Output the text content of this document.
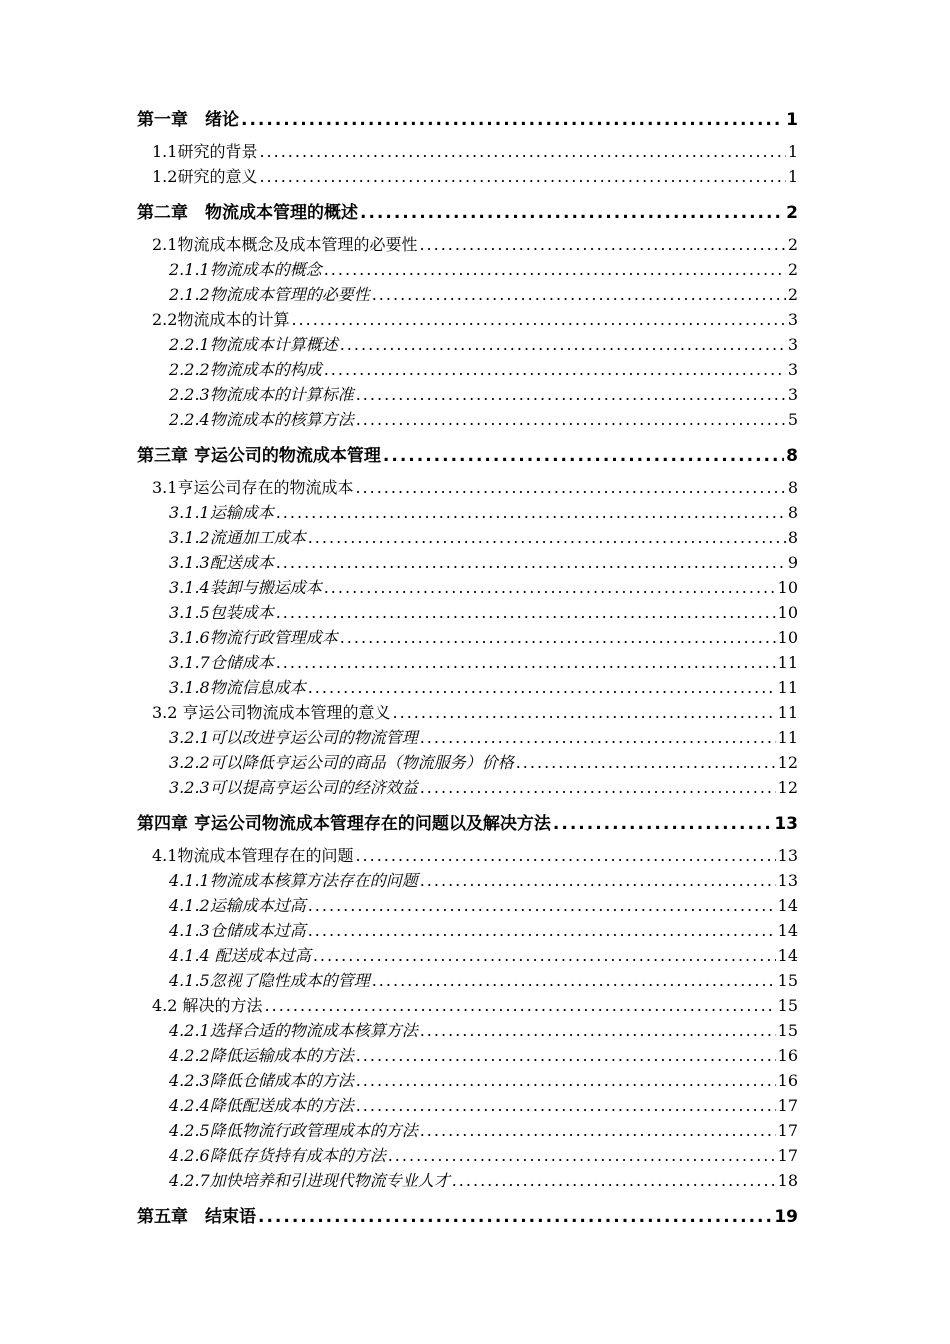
第一章　绪论 .....	1
1.1研究的背景 .....	1
1.2研究的意义 .....	1
第二章　物流成本管理的概述 .....	2
2.1物流成本概念及成本管理的必要性 .....	2
2.1.1物流成本的概念 .....	2
2.1.2物流成本管理的必要性 .....	2
2.2物流成本的计算 .....	3
2.2.1物流成本计算概述 .....	3
2.2.2物流成本的构成 .....	3
2.2.3物流成本的计算标准 .....	3
2.2.4物流成本的核算方法 .....	5
第三章 亨运公司的物流成本管理 .....	8
3.1亨运公司存在的物流成本 .....	8
3.1.1运输成本 .....	8
3.1.2流通加工成本 .....	8
3.1.3配送成本 .....	9
3.1.4装卸与搬运成本 .....	10
3.1.5包装成本 .....	10
3.1.6物流行政管理成本 .....	10
3.1.7仓储成本 .....	11
3.1.8物流信息成本 .....	11
3.2 亨运公司物流成本管理的意义 .....	11
3.2.1可以改进亨运公司的物流管理 .....	11
3.2.2可以降低亨运公司的商品（物流服务）价格 .....	12
3.2.3可以提高亨运公司的经济效益 .....	12
第四章 亨运公司物流成本管理存在的问题以及解决方法 .....	13
4.1物流成本管理存在的问题 .....	13
4.1.1物流成本核算方法存在的问题 .....	13
4.1.2运输成本过高 .....	14
4.1.3仓储成本过高 .....	14
4.1.4 配送成本过高 .....	14
4.1.5忽视了隐性成本的管理 .....	15
4.2 解决的方法 .....	15
4.2.1选择合适的物流成本核算方法 .....	15
4.2.2降低运输成本的方法 .....	16
4.2.3降低仓储成本的方法 .....	16
4.2.4降低配送成本的方法 .....	17
4.2.5降低物流行政管理成本的方法 .....	17
4.2.6降低存货持有成本的方法 .....	17
4.2.7加快培养和引进现代物流专业人才 .....	18
第五章　结束语 .....	19
